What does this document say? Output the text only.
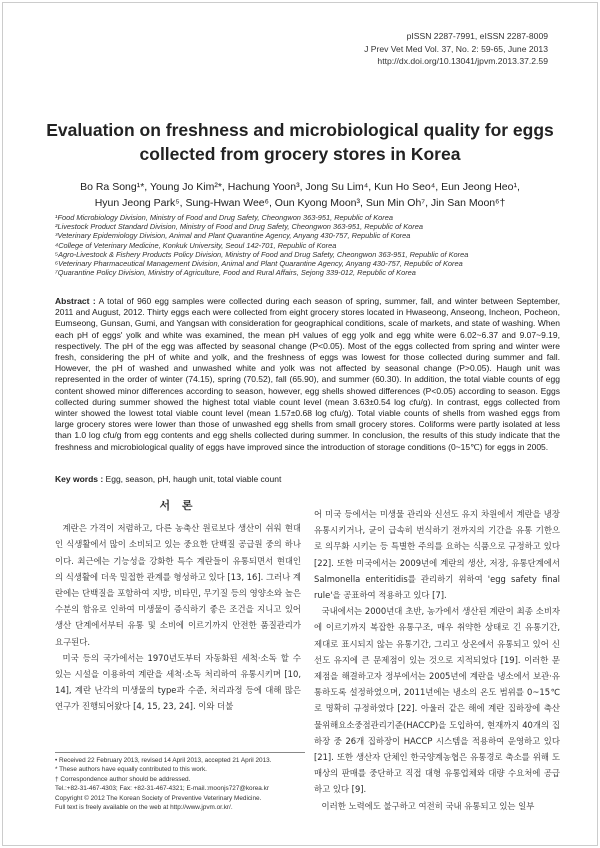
pISSN 2287-7991, eISSN 2287-8009
J Prev Vet Med Vol. 37, No. 2: 59-65, June 2013
http://dx.doi.org/10.13041/jpvm.2013.37.2.59
Evaluation on freshness and microbiological quality for eggs
collected from grocery stores in Korea
Bo Ra Song¹*, Young Jo Kim²*, Hachung Yoon³, Jong Su Lim⁴, Kun Ho Seo⁴, Eun Jeong Heo¹,
Hyun Jeong Park⁵, Sung-Hwan Wee⁶, Oun Kyong Moon³, Sun Min Oh⁷, Jin San Moon⁶†
¹Food Microbiology Division, Ministry of Food and Drug Safety, Cheongwon 363-951, Republic of Korea
²Livestock Product Standard Division, Ministry of Food and Drug Safety, Cheongwon 363-951, Republic of Korea
³Veterinary Epidemiology Division, Animal and Plant Quarantine Agency, Anyang 430-757, Republic of Korea
⁴College of Veterinary Medicine, Konkuk University, Seoul 142-701, Republic of Korea
⁵Agro-Livestock & Fishery Products Policy Division, Ministry of Food and Drug Safety, Cheongwon 363-951, Republic of Korea
⁶Veterinary Pharmaceutical Management Division, Animal and Plant Quarantine Agency, Anyang 430-757, Republic of Korea
⁷Quarantine Policy Division, Ministry of Agriculture, Food and Rural Affairs, Sejong 339-012, Republic of Korea
Abstract : A total of 960 egg samples were collected during each season of spring, summer, fall, and winter between September, 2011 and August, 2012. Thirty eggs each were collected from eight grocery stores located in Hwaseong, Anseong, Incheon, Pocheon, Eumseong, Gunsan, Gumi, and Yangsan with consideration for geographical conditions, scale of markets, and state of washing. When each pH of eggs' yolk and white was examined, the mean pH values of egg yolk and egg white were 6.02~6.37 and 9.07~9.19, respectively. The pH of the egg was affected by seasonal change (P<0.05). Most of the eggs collected from spring and winter were fresh, considering the pH of white and yolk, and the freshness of eggs was lowest for those collected during summer and fall. However, the pH of washed and unwashed white and yolk was not affected by seasonal change (P>0.05). Haugh unit was represented in the order of winter (74.15), spring (70.52), fall (65.90), and summer (60.30). In addition, the total viable counts of egg content showed minor differences according to season, however, egg shells showed differences (P<0.05) according to season. Eggs collected during summer showed the highest total viable count level (mean 3.63±0.54 log cfu/g). In contrast, eggs collected from winter showed the lowest total viable count level (mean 1.57±0.68 log cfu/g). Total viable counts of shells from washed eggs from large grocery stores were lower than those of unwashed egg shells from small grocery stores. Coliforms were partly isolated at less than 1.0 log cfu/g from egg contents and egg shells collected during summer. In conclusion, the results of this study indicate that the freshness and microbiological quality of eggs have improved since the introduction of storage conditions (0~15℃) for eggs in 2005.
Key words : Egg, season, pH, haugh unit, total viable count
서 론

계란은 가격이 저렴하고, 다른 농축산 원료보다 생산이 쉬워 현대인 식생활에서 많이 소비되고 있는 중요한 단백질 공급원 중의 하나이다. 최근에는 기능성을 강화한 특수 계란들이 유통되면서 현대인의 식생활에 더욱 밀접한 관계를 형성하고 있다 [13, 16]. 그러나 계란에는 단백질을 포함하여 지방, 비타민, 무기질 등의 영양소와 높은 수분의 함유로 인하여 미생물이 증식하기 좋은 조건을 지니고 있어 생산 단계에서부터 유통 및 소비에 이르기까지 안전한 품질관리가 요구된다.

미국 등의 국가에서는 1970년도부터 자동화된 세척·소독 할 수 있는 시설을 이용하여 계란을 세척·소독 처리하여 유통시키며 [10, 14], 계란 난각의 미생물의 type과 수준, 처리과정 등에 대해 많은 연구가 진행되어왔다 [4, 15, 23, 24]. 이와 더불

어 미국 등에서는 미생물 관리와 신선도 유지 차원에서 계란을 냉장 유통시키거나, 균이 급속히 번식하기 전까지의 기간을 유통 기한으로 의무화 시키는 등 특별한 주의를 요하는 식품으로 규정하고 있다 [22]. 또한 미국에서는 2009년에 계란의 생산, 저장, 유통단계에서 Salmonella enteritidis를 관리하기 위하여 'egg safety final rule'을 공표하여 적용하고 있다 [7].

국내에서는 2000년대 초반, 농가에서 생산된 계란이 최종 소비자에 이르기까지 복잡한 유통구조, 매우 취약한 상태로 긴 유통기간, 제대로 표시되지 않는 유통기간, 그리고 상온에서 유통되고 있어 신선도 유지에 큰 문제점이 있는 것으로 지적되었다 [19]. 이러한 문제점을 해결하고자 정부에서는 2005년에 계란을 냉소에서 보관·유통하도록 설정하였으며, 2011년에는 냉소의 온도 범위를 0~15℃로 명확히 규정하였다 [22]. 아울러 같은 해에 계란 집하장에 축산물위해요소중점관리기준(HACCP)을 도입하여, 현재까지 40개의 집하장 중 26개 집하장이 HACCP 시스템을 적용하여 운영하고 있다 [21]. 또한 생산자 단체인 한국양계농협은 유통경로 축소를 위해 도매상의 판매를 중단하고 직접 대형 유통업체와 대량 수요처에 공급하고 있다 [9].

이러한 노력에도 불구하고 여전히 국내 유통되고 있는 일부

• Received 22 February 2013, revised 14 April 2013, accepted 21 April 2013.
* These authors have equally contributed to this work.
† Correspondence author should be addressed.
Tel.:+82-31-467-4303; Fax: +82-31-467-4321; E-mail.:moonjs727@korea.kr
Copyright © 2012 The Korean Society of Preventive Veterinary Medicine.
Full text is freely available on the web at http://www.jpvm.or.kr/.
